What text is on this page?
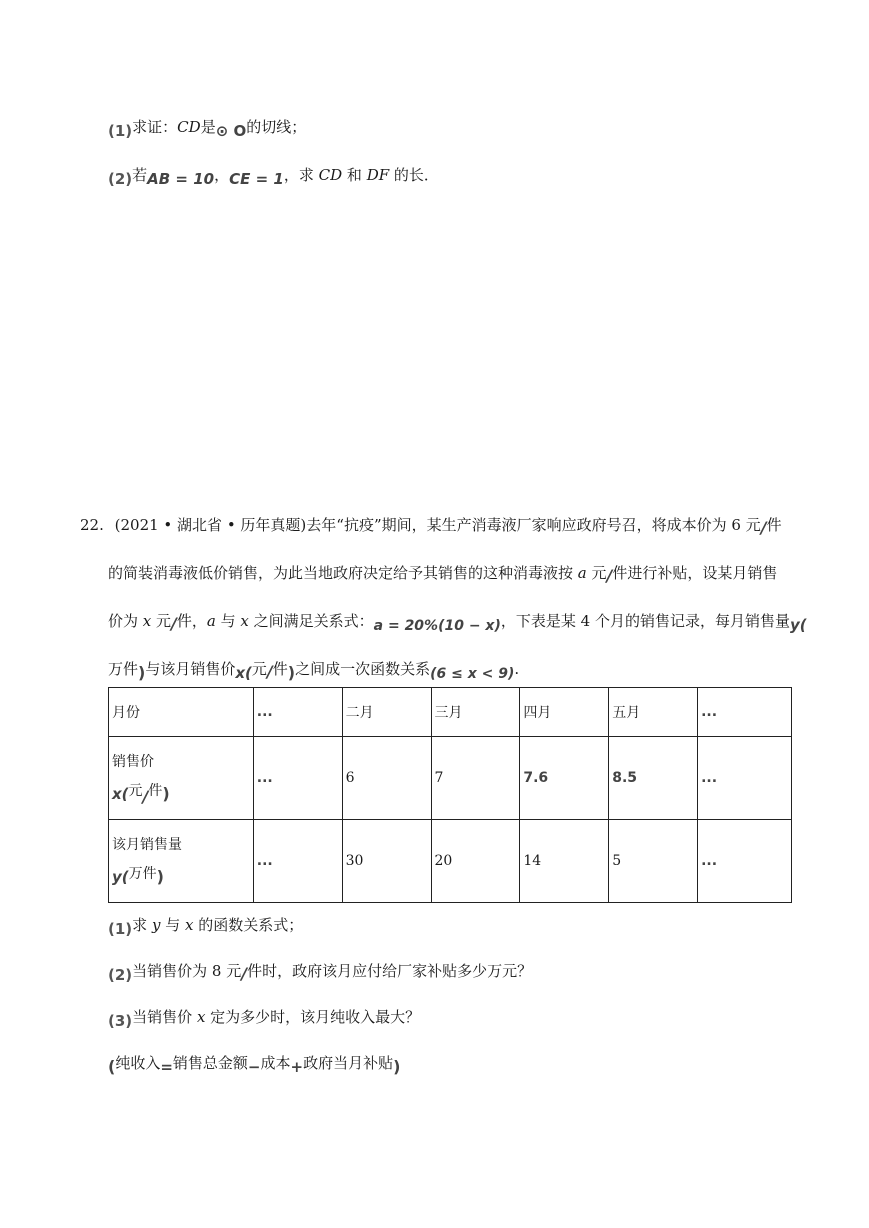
(1)求证：CD是⊙ O的切线；
(2)若AB = 10，CE = 1，求 CD 和 DF 的长．
22. (2021 • 湖北省 • 历年真题)去年“抗疫”期间，某生产消毒液厂家响应政府号召，将成本价为 6 元/件
的简装消毒液低价销售，为此当地政府决定给予其销售的这种消毒液按 a 元/件进行补贴，设某月销售
价为 x 元/件，a 与 x 之间满足关系式：a = 20%(10 − x)，下表是某 4 个月的销售记录，每月销售量y(
万件)与该月销售价x(元/件)之间成一次函数关系(6 ≤ x < 9).
月份	...	二月	三月	四月	五月	...

销售价
x(元/件)	...	6	7	7.6	8.5	...

该月销售量
y(万件)	...	30	20	14	5	...
(1)求 y 与 x 的函数关系式；
(2)当销售价为 8 元/件时，政府该月应付给厂家补贴多少万元？
(3)当销售价 x 定为多少时，该月纯收入最大？
(纯收入=销售总金额−成本+政府当月补贴)
